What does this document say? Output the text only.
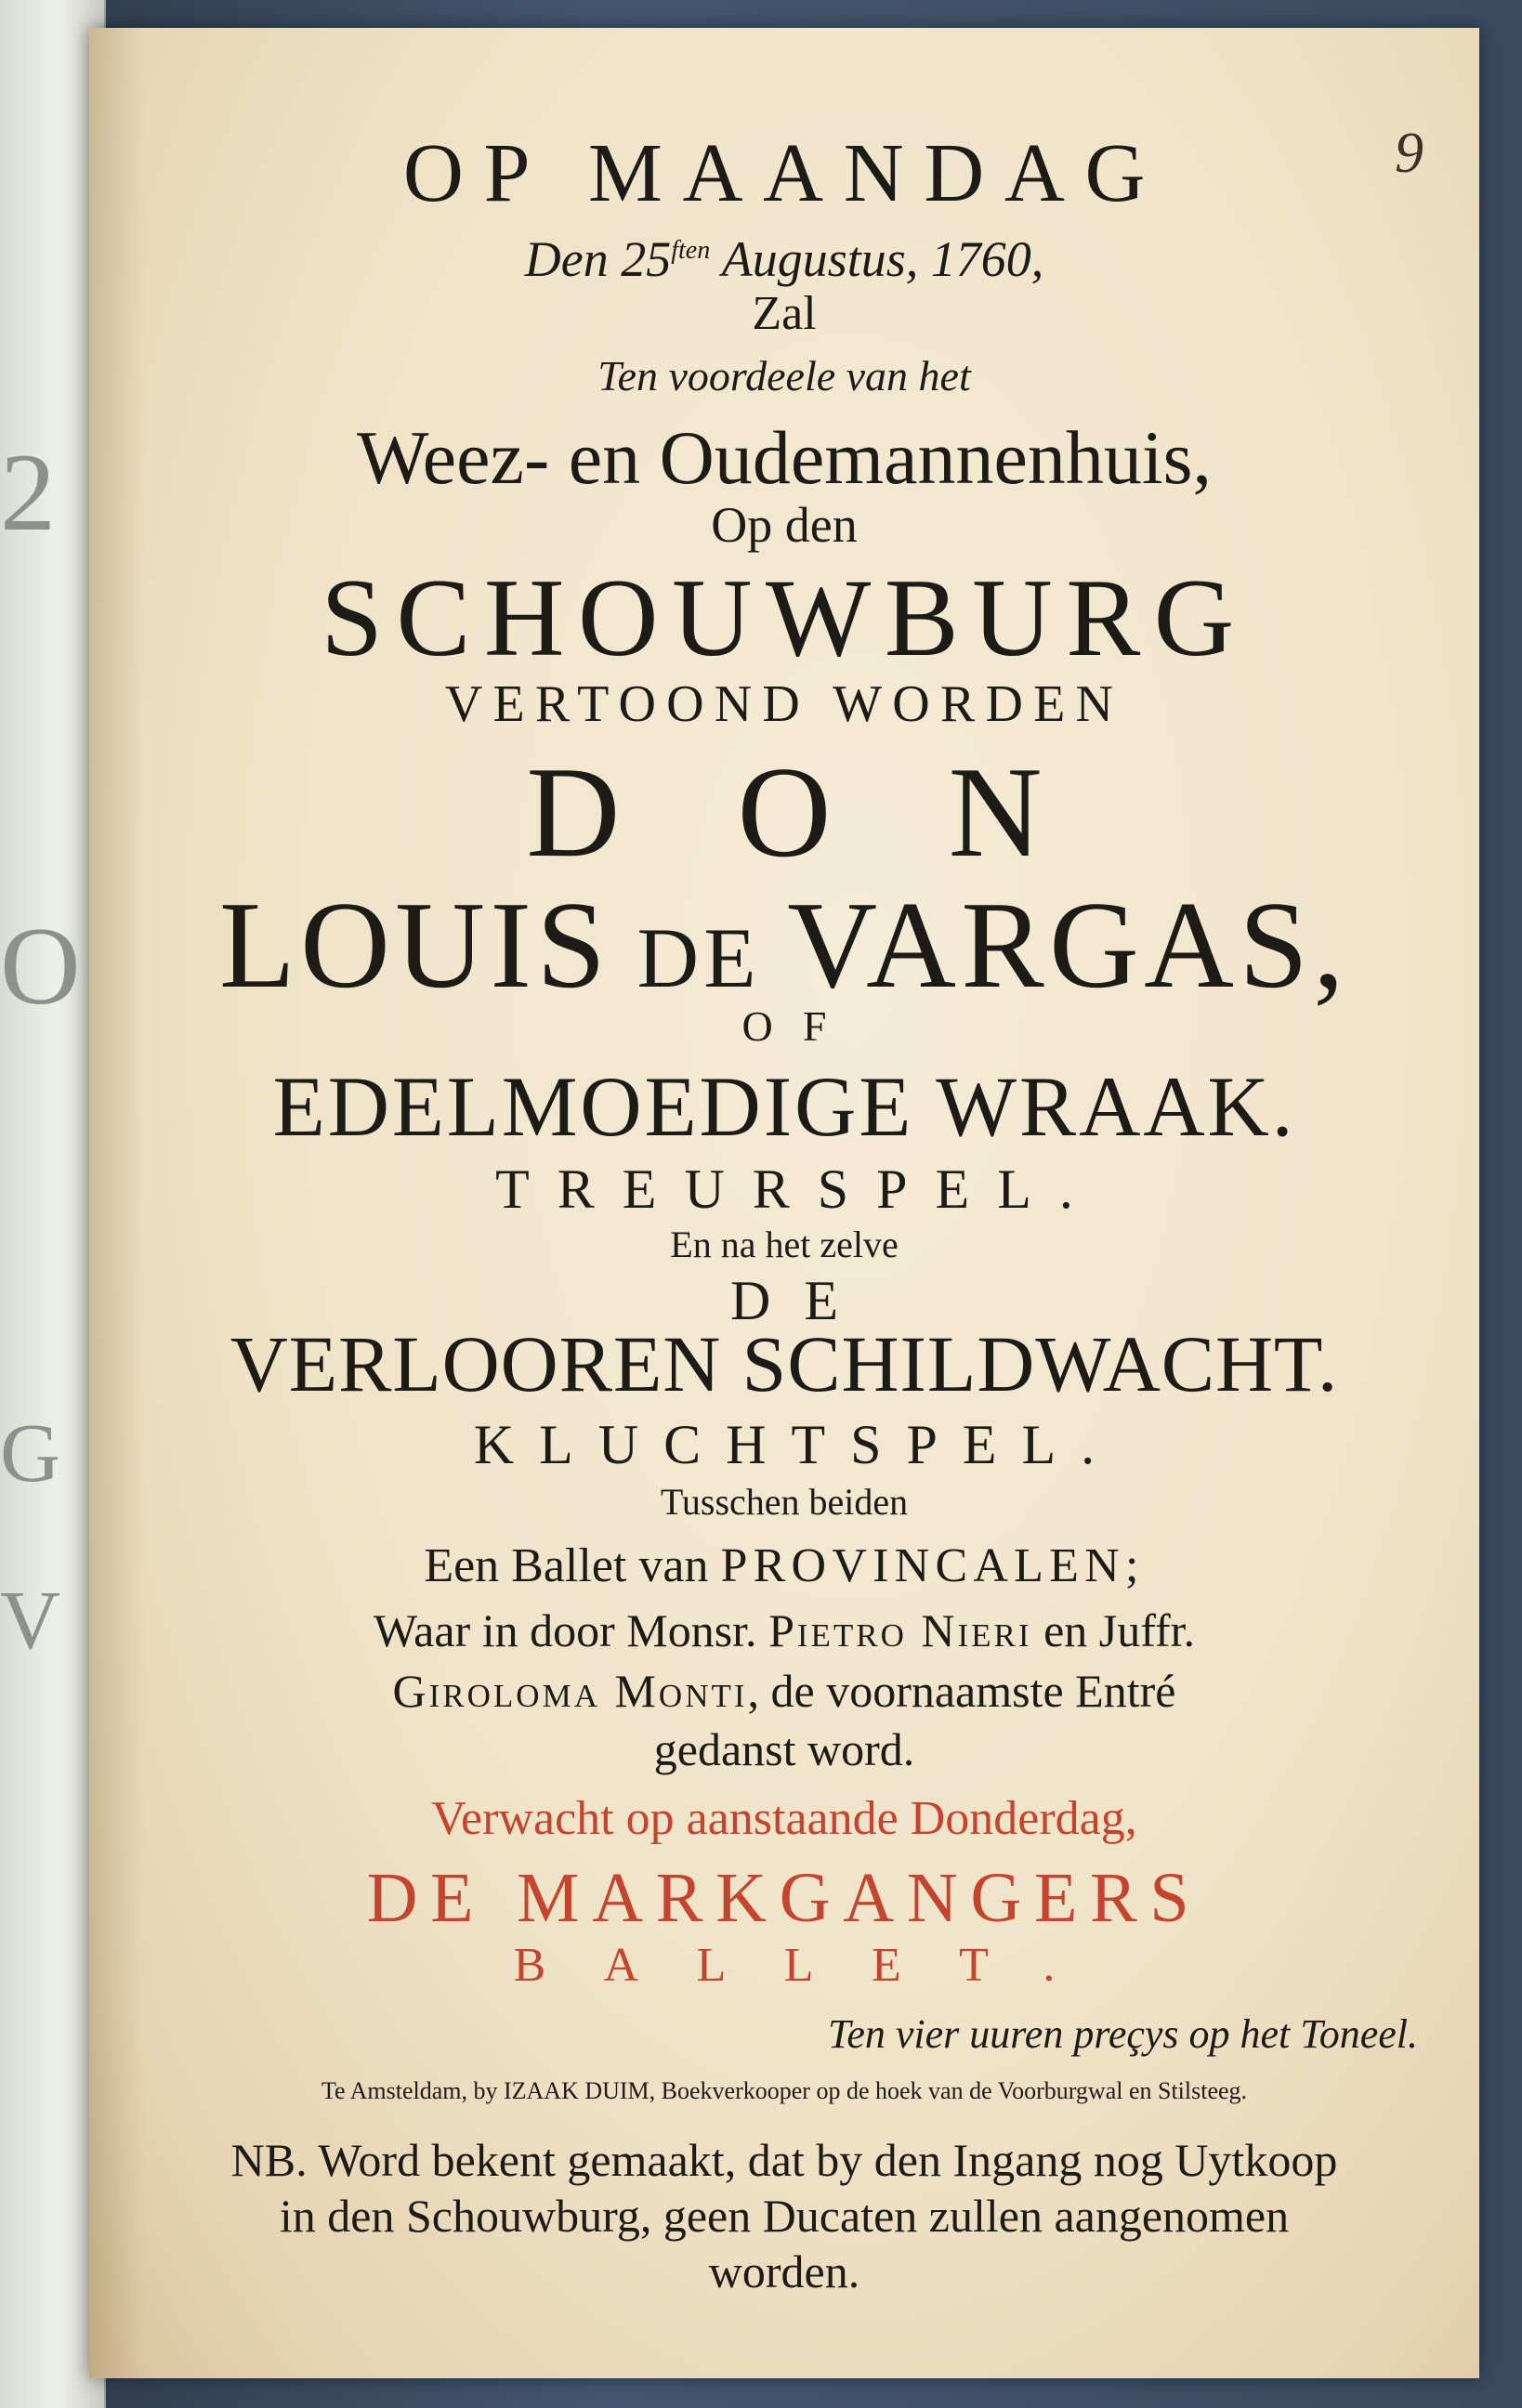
2
O
G
V
9

OP MAANDAG

Den $25^{ften}$ Augustus, 1760,

Zal

Ten voordeele van het

Weez- en Oudemannenhuis,

Op den

SCHOUWBURG

VERTOOND WORDEN

DON

LOUIS DE VARGAS,

OF

EDELMOEDIGE WRAAK.

TREURSPEL.

En na het zelve

DE

VERLOOREN SCHILDWACHT.

KLUCHTSPEL.

Tusschen beiden

Een Ballet van PROVINCALEN;

Waar in door Monsr. Pietro Nieri en Juffr.

Giroloma Monti, de voornaamste Entré

gedanst word.

Verwacht op aanstaande Donderdag,

DE MARKGANGERS

BALLET.

Ten vier uuren preçys op het Toneel.

Te Amsteldam, by IZAAK DUIM, Boekverkooper op de hoek van de Voorburgwal en Stilsteeg.

NB. Word bekent gemaakt, dat by den Ingang nog Uytkoop

in den Schouwburg, geen Ducaten zullen aangenomen

worden.
